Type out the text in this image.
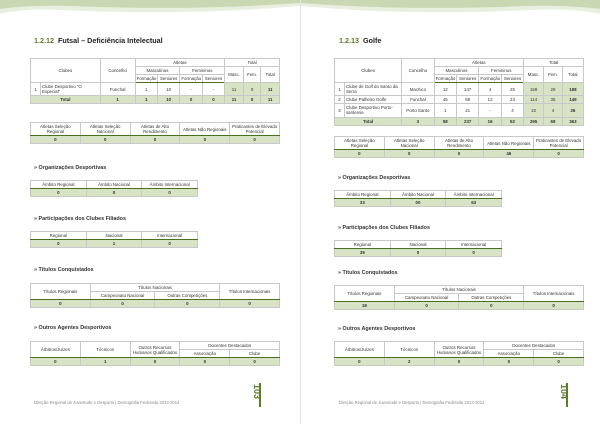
1.2.12 Futsal – Deficiência Intelectual
Clubes		Concelho	Atletas				Total		
			Masculinos		Femininos		Masc.	Fem.	Total
			Formação	Seniores	Formação	Seniores			
1	Clube Desportivo "O Especial"	Funchal	1	10	-	-	11	0	11
Total		1	1	10	0	0	11	0	11
Atletas Seleção Regional	Atletas Seleção Nacional	Atletas de Alto Rendimento	Atletas Não Regionais	Praticantes de Elevado Potencial
0	0	0	0	0
» Organizações Desportivas
Âmbito Regional	Âmbito Nacional	Âmbito Internacional
0	0	0
» Participações dos Clubes Filiados
Regional	Nacional	Internacional
0	1	0
» Títulos Conquistados
Títulos Regionais	Títulos Nacionais		Títulos Internacionais
	Campeonato Nacional	Outras Competições	
0	0	0	0
» Outros Agentes Desportivos
Árbitros/Juízes	Técnicos	Outros Recursos Humanos Qualificados	Docentes Destacados	
			Associação	Clube
0	1	0	0	0
Direção Regional de Juventude e Desporto | Demografia Federada 2013-2014
103
1.2.13 Golfe
Clubes		Concelho	Atletas				Total		
			Masculinos		Femininos		Masc.	Fem.	Total
			Formação	Seniores	Formação	Seniores			
1	Clube de Golf do Santo da Serra	Machico	12	147	4	25	159	29	188
2	Clube Palheiro Golfe	Funchal	45	69	12	23	114	35	149
3	Clube Desportivo Porto-santense	Porto Santo	1	21	-	4	22	4	26
Total		3	58	237	16	52	295	68	363
Atletas Seleção Regional	Atletas Seleção Nacional	Atletas de Alto Rendimento	Atletas Não Regionais	Praticantes de Elevado Potencial
0	0	0	46	0
» Organizações Desportivas
Âmbito Regional	Âmbito Nacional	Âmbito Internacional
33	00	63
» Participações dos Clubes Filiados
Regional	Nacional	Internacional
39	0	0
» Títulos Conquistados
Títulos Regionais	Títulos Nacionais		Títulos Internacionais
	Campeonato Nacional	Outras Competições	
18	0	0	0
» Outros Agentes Desportivos
Árbitros/Juízes	Técnicos	Outros Recursos Humanos Qualificados	Docentes Destacados	
			Associação	Clube
0	2	0	0	0
Direção Regional de Juventude e Desporto | Demografia Federada 2013-2014
104
